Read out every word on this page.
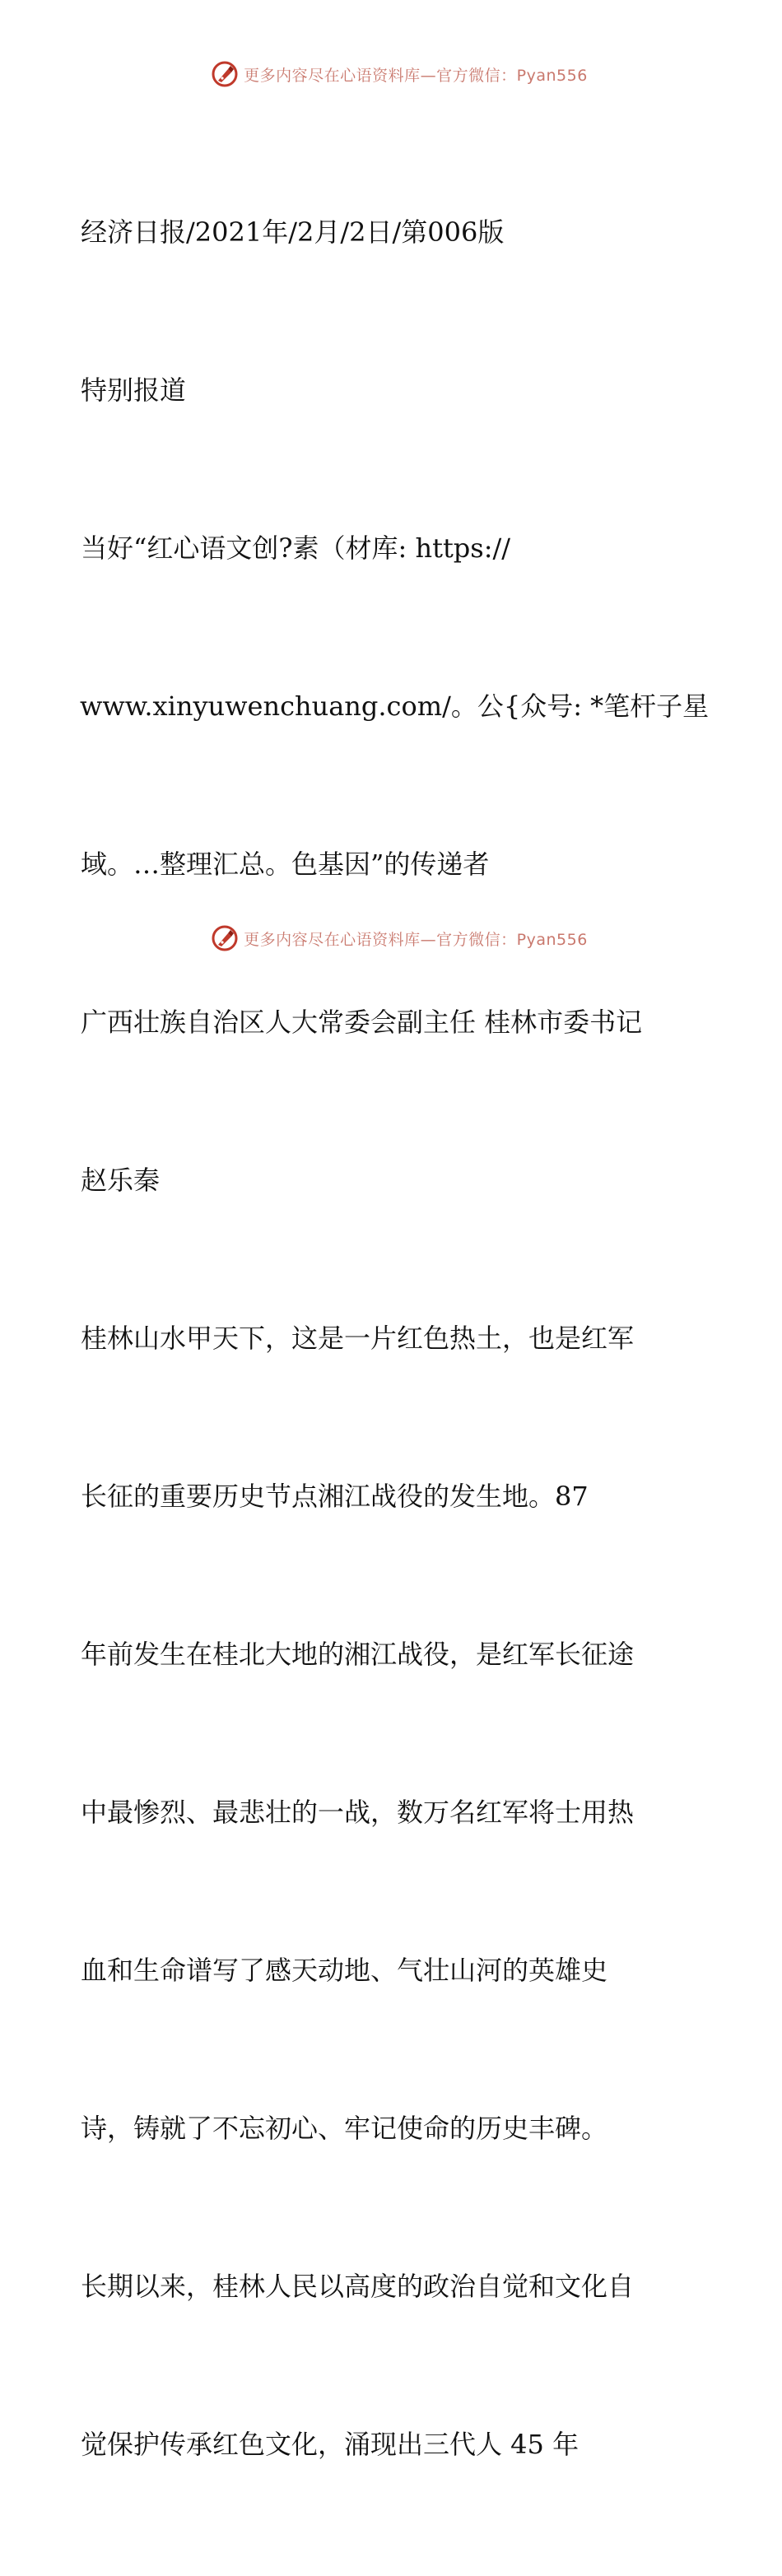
更多内容尽在心语资料库—官方微信：Pyan556

经济日报/2021年/2月/2日/第006版

特别报道

当好“红心语文创?素（材库: https://

www.xinyuwenchuang.com/。公{众号: *笔杆子星

域。…整理汇总。色基因”的传递者

广西壮族自治区人大常委会副主任 桂林市委书记

赵乐秦

桂林山水甲天下，这是一片红色热土，也是红军

长征的重要历史节点湘江战役的发生地。87

年前发生在桂北大地的湘江战役，是红军长征途

中最惨烈、最悲壮的一战，数万名红军将士用热

血和生命谱写了感天动地、气壮山河的英雄史

诗，铸就了不忘初心、牢记使命的历史丰碑。

长期以来，桂林人民以高度的政治自觉和文化自

觉保护传承红色文化，涌现出三代人 45 年

更多内容尽在心语资料库—官方微信：Pyan556
